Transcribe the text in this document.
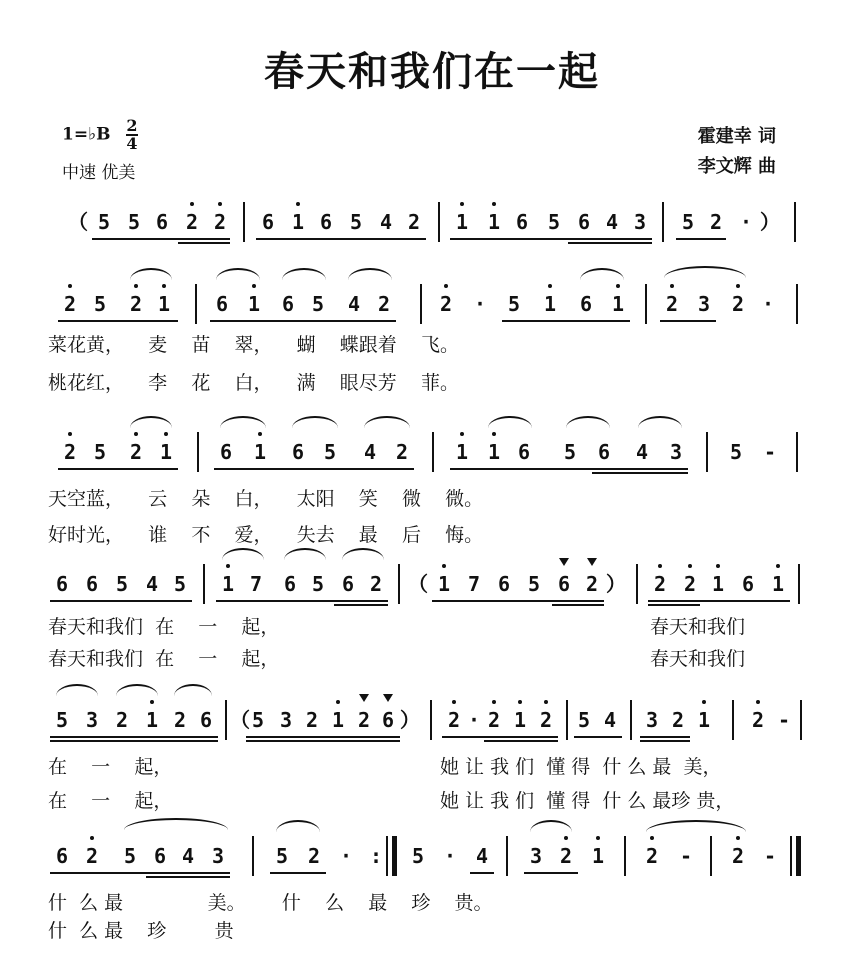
春天和我们在一起
1=♭B $\frac{2}{4}$
中速 优美
霍建幸 词
李文辉 曲
（ 5 5 6 2 2 6 1 6 5 4 2 1 1 6 5 6 4 3 5 2 · ）
2 5 2 1 6 1 6 5 4 2 2 · 5 1 6 1 2 3 2 ·
菜花黄，    麦    苗    翠，    蝴    蝶跟着    飞。
桃花红，    李    花    白，    满    眼尽芳    菲。
2 5 2 1 6 1 6 5 4 2 1 1 6 5 6 4 3 5 -
天空蓝，    云    朵    白，    太阳    笑    微    微。
好时光，    谁    不    爱，    失去    最    后    悔。
6 6 5 4 5 1 7 6 5 6 2 （ 1 7 6 5 6 2 ） 2 2 1 6 1
春天和我们  在    一    起，
春天和我们  在    一    起，
春天和我们
春天和我们
5 3 2 1 2 6 （ 5 3 2 1 2 6 ） 2 · 2 1 2 5 4 3 2 1 2 -
在    一    起，
在    一    起，
她 让 我 们  懂 得  什 么 最  美，
她 让 我 们  懂 得  什 么 最珍 贵，
6 2 5 6 4 3	5 2 · : 5 · 4 3 2 1 2 - 2 -
什  么 最              美。      什    么    最    珍    贵。
什  么 最    珍        贵
